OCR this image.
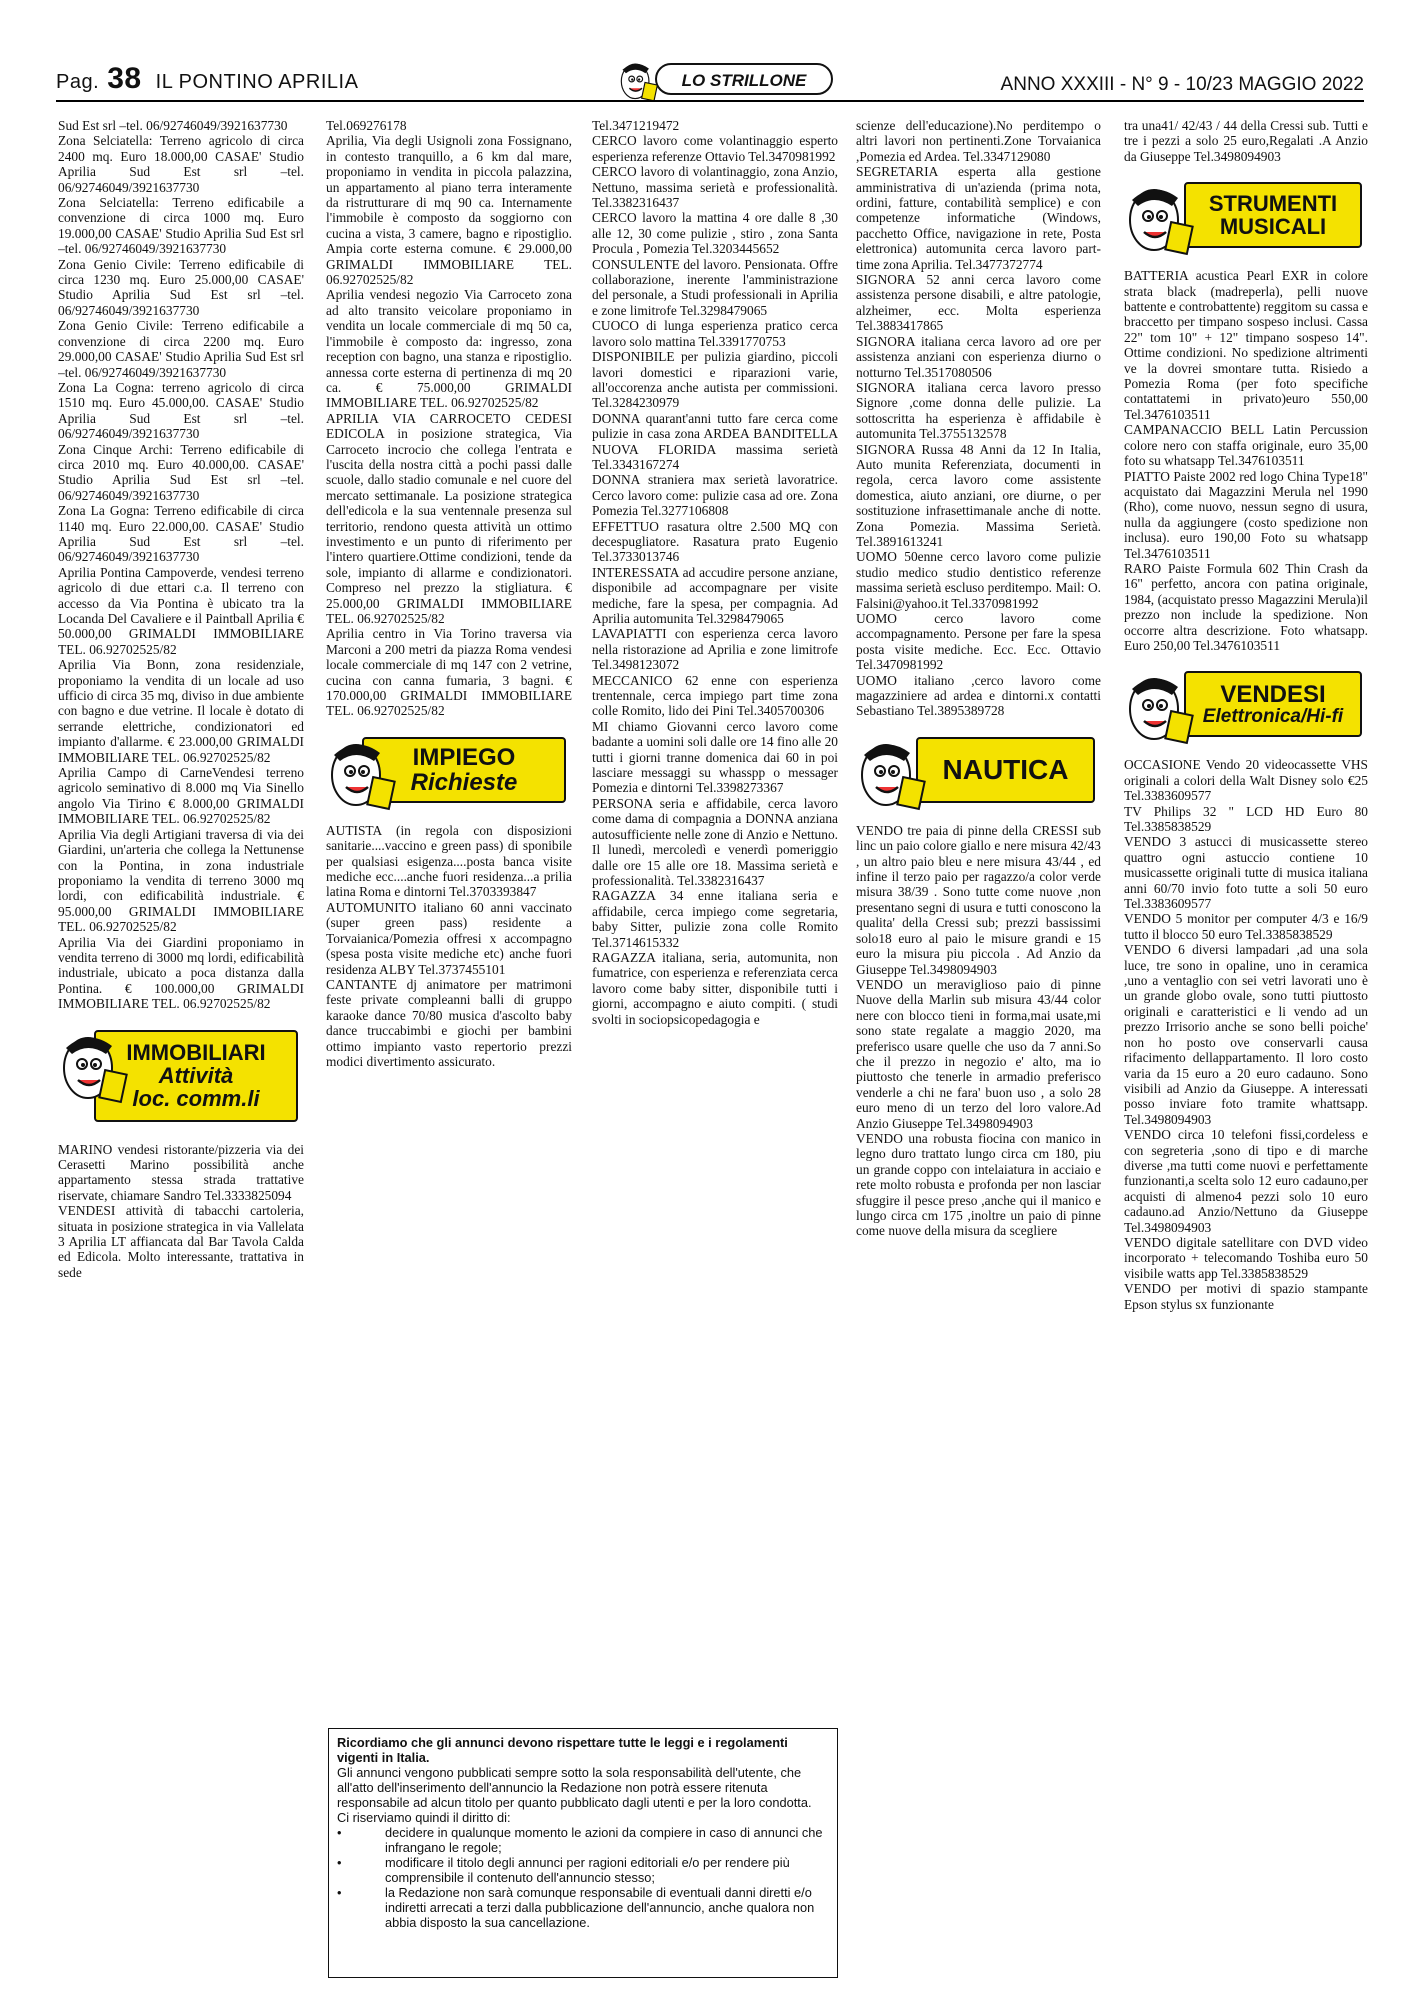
Pag. 38 IL PONTINO APRILIA	LO STRILLONE	ANNO XXXIII - N° 9 - 10/23 MAGGIO 2022

Sud Est srl –tel. 06/92746049/3921637730

Zona Selciatella: Terreno agricolo di circa 2400 mq. Euro 18.000,00 CASAE' Studio Aprilia Sud Est srl –tel. 06/92746049/3921637730

Zona Selciatella: Terreno edificabile a convenzione di circa 1000 mq. Euro 19.000,00 CASAE' Studio Aprilia Sud Est srl –tel. 06/92746049/3921637730

Zona Genio Civile: Terreno edificabile di circa 1230 mq. Euro 25.000,00 CASAE' Studio Aprilia Sud Est srl –tel. 06/92746049/3921637730

Zona Genio Civile: Terreno edificabile a convenzione di circa 2200 mq. Euro 29.000,00 CASAE' Studio Aprilia Sud Est srl –tel. 06/92746049/3921637730

Zona La Cogna: terreno agricolo di circa 1510 mq. Euro 45.000,00. CASAE' Studio Aprilia Sud Est srl –tel. 06/92746049/3921637730

Zona Cinque Archi: Terreno edificabile di circa 2010 mq. Euro 40.000,00. CASAE' Studio Aprilia Sud Est srl –tel. 06/92746049/3921637730

Zona La Gogna: Terreno edificabile di circa 1140 mq. Euro 22.000,00. CASAE' Studio Aprilia Sud Est srl –tel. 06/92746049/3921637730

Aprilia Pontina Campoverde, vendesi terreno agricolo di due ettari c.a. Il terreno con accesso da Via Pontina è ubicato tra la Locanda Del Cavaliere e il Paintball Aprilia € 50.000,00 GRIMALDI IMMOBILIARE TEL. 06.92702525/82

Aprilia Via Bonn, zona residenziale, proponiamo la vendita di un locale ad uso ufficio di circa 35 mq, diviso in due ambiente con bagno e due vetrine. Il locale è dotato di serrande elettriche, condizionatori ed impianto d'allarme. € 23.000,00 GRIMALDI IMMOBILIARE TEL. 06.92702525/82

Aprilia Campo di CarneVendesi terreno agricolo seminativo di 8.000 mq Via Sinello angolo Via Tirino € 8.000,00 GRIMALDI IMMOBILIARE TEL. 06.92702525/82

Aprilia Via degli Artigiani traversa di via dei Giardini, un'arteria che collega la Nettunense con la Pontina, in zona industriale proponiamo la vendita di terreno 3000 mq lordi, con edificabilità industriale. € 95.000,00 GRIMALDI IMMOBILIARE TEL. 06.92702525/82

Aprilia Via dei Giardini proponiamo in vendita terreno di 3000 mq lordi, edificabilità industriale, ubicato a poca distanza dalla Pontina. € 100.000,00 GRIMALDI IMMOBILIARE TEL. 06.92702525/82

IMMOBILIARI
Attività
loc. comm.li

MARINO vendesi ristorante/pizzeria via dei Cerasetti Marino possibilità anche appartamento stessa strada trattative riservate, chiamare Sandro Tel.3333825094

VENDESI attività di tabacchi cartoleria, situata in posizione strategica in via Vallelata 3 Aprilia LT affiancata dal Bar Tavola Calda ed Edicola. Molto interessante, trattativa in sede

Tel.069276178

Aprilia, Via degli Usignoli zona Fossignano, in contesto tranquillo, a 6 km dal mare, proponiamo in vendita in piccola palazzina, un appartamento al piano terra interamente da ristrutturare di mq 90 ca. Internamente l'immobile è composto da soggiorno con cucina a vista, 3 camere, bagno e ripostiglio. Ampia corte esterna comune. € 29.000,00 GRIMALDI IMMOBILIARE TEL. 06.92702525/82

Aprilia vendesi negozio Via Carroceto zona ad alto transito veicolare proponiamo in vendita un locale commerciale di mq 50 ca, l'immobile è composto da: ingresso, zona reception con bagno, una stanza e ripostiglio. annessa corte esterna di pertinenza di mq 20 ca. € 75.000,00 GRIMALDI IMMOBILIARE TEL. 06.92702525/82

APRILIA VIA CARROCETO CEDESI EDICOLA in posizione strategica, Via Carroceto incrocio che collega l'entrata e l'uscita della nostra città a pochi passi dalle scuole, dallo stadio comunale e nel cuore del mercato settimanale. La posizione strategica dell'edicola e la sua ventennale presenza sul territorio, rendono questa attività un ottimo investimento e un punto di riferimento per l'intero quartiere.Ottime condizioni, tende da sole, impianto di allarme e condizionatori. Compreso nel prezzo la stigliatura. € 25.000,00 GRIMALDI IMMOBILIARE TEL. 06.92702525/82

Aprilia centro in Via Torino traversa via Marconi a 200 metri da piazza Roma vendesi locale commerciale di mq 147 con 2 vetrine, cucina con canna fumaria, 3 bagni. € 170.000,00 GRIMALDI IMMOBILIARE TEL. 06.92702525/82

IMPIEGO
Richieste

AUTISTA (in regola con disposizioni sanitarie....vaccino e green pass) di sponibile per qualsiasi esigenza....posta banca visite mediche ecc....anche fuori residenza...a prilia latina Roma e dintorni Tel.3703393847

AUTOMUNITO italiano 60 anni vaccinato (super green pass) residente a Torvaianica/Pomezia offresi x accompagno (spesa posta visite mediche etc) anche fuori residenza ALBY Tel.3737455101

CANTANTE dj animatore per matrimoni feste private compleanni balli di gruppo karaoke dance 70/80 musica d'ascolto baby dance truccabimbi e giochi per bambini ottimo impianto vasto repertorio prezzi modici divertimento assicurato.

Tel.3471219472

CERCO lavoro come volantinaggio esperto esperienza referenze Ottavio Tel.3470981992

CERCO lavoro di volantinaggio, zona Anzio, Nettuno, massima serietà e professionalità. Tel.3382316437

CERCO lavoro la mattina 4 ore dalle 8 ,30 alle 12, 30 come pulizie , stiro , zona Santa Procula , Pomezia Tel.3203445652

CONSULENTE del lavoro. Pensionata. Offre collaborazione, inerente l'amministrazione del personale, a Studi professionali in Aprilia e zone limitrofe Tel.3298479065

CUOCO di lunga esperienza pratico cerca lavoro solo mattina Tel.3391770753

DISPONIBILE per pulizia giardino, piccoli lavori domestici e riparazioni varie, all'occorenza anche autista per commissioni. Tel.3284230979

DONNA quarant'anni tutto fare cerca come pulizie in casa zona ARDEA BANDITELLA NUOVA FLORIDA massima serietà Tel.3343167274

DONNA straniera max serietà lavoratrice. Cerco lavoro come: pulizie casa ad ore. Zona Pomezia Tel.3277106808

EFFETTUO rasatura oltre 2.500 MQ con decespugliatore. Rasatura prato Eugenio Tel.3733013746

INTERESSATA ad accudire persone anziane, disponibile ad accompagnare per visite mediche, fare la spesa, per compagnia. Ad Aprilia automunita Tel.3298479065

LAVAPIATTI con esperienza cerca lavoro nella ristorazione ad Aprilia e zone limitrofe Tel.3498123072

MECCANICO 62 enne con esperienza trentennale, cerca impiego part time zona colle Romito, lido dei Pini Tel.3405700306

MI chiamo Giovanni cerco lavoro come badante a uomini soli dalle ore 14 fino alle 20 tutti i giorni tranne domenica dai 60 in poi lasciare messaggi su whasspp o messager Pomezia e dintorni Tel.3398273367

PERSONA seria e affidabile, cerca lavoro come dama di compagnia a DONNA anziana autosufficiente nelle zone di Anzio e Nettuno. Il lunedì, mercoledì e venerdì pomeriggio dalle ore 15 alle ore 18. Massima serietà e professionalità. Tel.3382316437

RAGAZZA 34 enne italiana seria e affidabile, cerca impiego come segretaria, baby Sitter, pulizie zona colle Romito Tel.3714615332

RAGAZZA italiana, seria, automunita, non fumatrice, con esperienza e referenziata cerca lavoro come baby sitter, disponibile tutti i giorni, accompagno e aiuto compiti. ( studi svolti in sociopsicopedagogia e

scienze dell'educazione).No perditempo o altri lavori non pertinenti.Zone Torvaianica ,Pomezia ed Ardea. Tel.3347129080

SEGRETARIA esperta alla gestione amministrativa di un'azienda (prima nota, ordini, fatture, contabilità semplice) e con competenze informatiche (Windows, pacchetto Office, navigazione in rete, Posta elettronica) automunita cerca lavoro part-time zona Aprilia. Tel.3477372774

SIGNORA 52 anni cerca lavoro come assistenza persone disabili, e altre patologie, alzheimer, ecc. Molta esperienza Tel.3883417865

SIGNORA italiana cerca lavoro ad ore per assistenza anziani con esperienza diurno o notturno Tel.3517080506

SIGNORA italiana cerca lavoro presso Signore ,come donna delle pulizie. La sottoscritta ha esperienza è affidabile è automunita Tel.3755132578

SIGNORA Russa 48 Anni da 12 In Italia, Auto munita Referenziata, documenti in regola, cerca lavoro come assistente domestica, aiuto anziani, ore diurne, o per sostituzione infrasettimanale anche di notte. Zona Pomezia. Massima Serietà. Tel.3891613241

UOMO 50enne cerco lavoro come pulizie studio medico studio dentistico referenze massima serietà escluso perditempo. Mail: O. Falsini@yahoo.it Tel.3370981992

UOMO cerco lavoro come accompagnamento. Persone per fare la spesa posta visite mediche. Ecc. Ecc. Ottavio Tel.3470981992

UOMO italiano ,cerco lavoro come magazziniere ad ardea e dintorni.x contatti Sebastiano Tel.3895389728

NAUTICA

VENDO tre paia di pinne della CRESSI sub linc un paio colore giallo e nere misura 42/43 , un altro paio bleu e nere misura 43/44 , ed infine il terzo paio per ragazzo/a color verde misura 38/39 . Sono tutte come nuove ,non presentano segni di usura e tutti conoscono la qualita' della Cressi sub; prezzi bassissimi solo18 euro al paio le misure grandi e 15 euro la misura piu piccola . Ad Anzio da Giuseppe Tel.3498094903

VENDO un meraviglioso paio di pinne Nuove della Marlin sub misura 43/44 color nere con blocco tieni in forma,mai usate,mi sono state regalate a maggio 2020, ma preferisco usare quelle che uso da 7 anni.So che il prezzo in negozio e' alto, ma io piuttosto che tenerle in armadio preferisco venderle a chi ne fara' buon uso , a solo 28 euro meno di un terzo del loro valore.Ad Anzio Giuseppe Tel.3498094903

VENDO una robusta fiocina con manico in legno duro trattato lungo circa cm 180, piu un grande coppo con intelaiatura in acciaio e rete molto robusta e profonda per non lasciar sfuggire il pesce preso ,anche qui il manico e lungo circa cm 175 ,inoltre un paio di pinne come nuove della misura da scegliere

tra una41/ 42/43 / 44 della Cressi sub. Tutti e tre i pezzi a solo 25 euro,Regalati .A Anzio da Giuseppe Tel.3498094903

STRUMENTI
MUSICALI

BATTERIA acustica Pearl EXR in colore strata black (madreperla), pelli nuove battente e controbattente) reggitom su cassa e braccetto per timpano sospeso inclusi. Cassa 22" tom 10" + 12" timpano sospeso 14". Ottime condizioni. No spedizione altrimenti ve la dovrei smontare tutta. Risiedo a Pomezia Roma (per foto specifiche contattatemi in privato)euro 550,00 Tel.3476103511

CAMPANACCIO BELL Latin Percussion colore nero con staffa originale, euro 35,00 foto su whatsapp Tel.3476103511

PIATTO Paiste 2002 red logo China Type18" acquistato dai Magazzini Merula nel 1990 (Rho), come nuovo, nessun segno di usura, nulla da aggiungere (costo spedizione non inclusa). euro 190,00 Foto su whatsapp Tel.3476103511

RARO Paiste Formula 602 Thin Crash da 16" perfetto, ancora con patina originale, 1984, (acquistato presso Magazzini Merula)il prezzo non include la spedizione. Non occorre altra descrizione. Foto whatsapp. Euro 250,00 Tel.3476103511

VENDESI
Elettronica/Hi-fi

OCCASIONE Vendo 20 videocassette VHS originali a colori della Walt Disney solo €25 Tel.3383609577

TV Philips 32 " LCD HD Euro 80 Tel.3385838529

VENDO 3 astucci di musicassette stereo quattro ogni astuccio contiene 10 musicassette originali tutte di musica italiana anni 60/70 invio foto tutte a soli 50 euro Tel.3383609577

VENDO 5 monitor per computer 4/3 e 16/9 tutto il blocco 50 euro Tel.3385838529

VENDO 6 diversi lampadari ,ad una sola luce, tre sono in opaline, uno in ceramica ,uno a ventaglio con sei vetri lavorati uno è un grande globo ovale, sono tutti piuttosto originali e caratteristici e li vendo ad un prezzo Irrisorio anche se sono belli poiche' non ho posto ove conservarli causa rifacimento dellappartamento. Il loro costo varia da 15 euro a 20 euro cadauno. Sono visibili ad Anzio da Giuseppe. A interessati posso inviare foto tramite whattsapp. Tel.3498094903

VENDO circa 10 telefoni fissi,cordeless e con segreteria ,sono di tipo e di marche diverse ,ma tutti come nuovi e perfettamente funzionanti,a scelta solo 12 euro cadauno,per acquisti di almeno4 pezzi solo 10 euro cadauno.ad Anzio/Nettuno da Giuseppe Tel.3498094903

VENDO digitale satellitare con DVD video incorporato + telecomando Toshiba euro 50 visibile watts app Tel.3385838529

VENDO per motivi di spazio stampante Epson stylus sx funzionante

Ricordiamo che gli annunci devono rispettare tutte le leggi e i regolamenti vigenti in Italia.
Gli annunci vengono pubblicati sempre sotto la sola responsabilità dell'utente, che all'atto dell'inserimento dell'annuncio la Redazione non potrà essere ritenuta responsabile ad alcun titolo per quanto pubblicato dagli utenti e per la loro condotta.
Ci riserviamo quindi il diritto di:
• decidere in qualunque momento le azioni da compiere in caso di annunci che infrangano le regole;
• modificare il titolo degli annunci per ragioni editoriali e/o per rendere più comprensibile il contenuto dell'annuncio stesso;
• la Redazione non sarà comunque responsabile di eventuali danni diretti e/o indiretti arrecati a terzi dalla pubblicazione dell'annuncio, anche qualora non abbia disposto la sua cancellazione.
